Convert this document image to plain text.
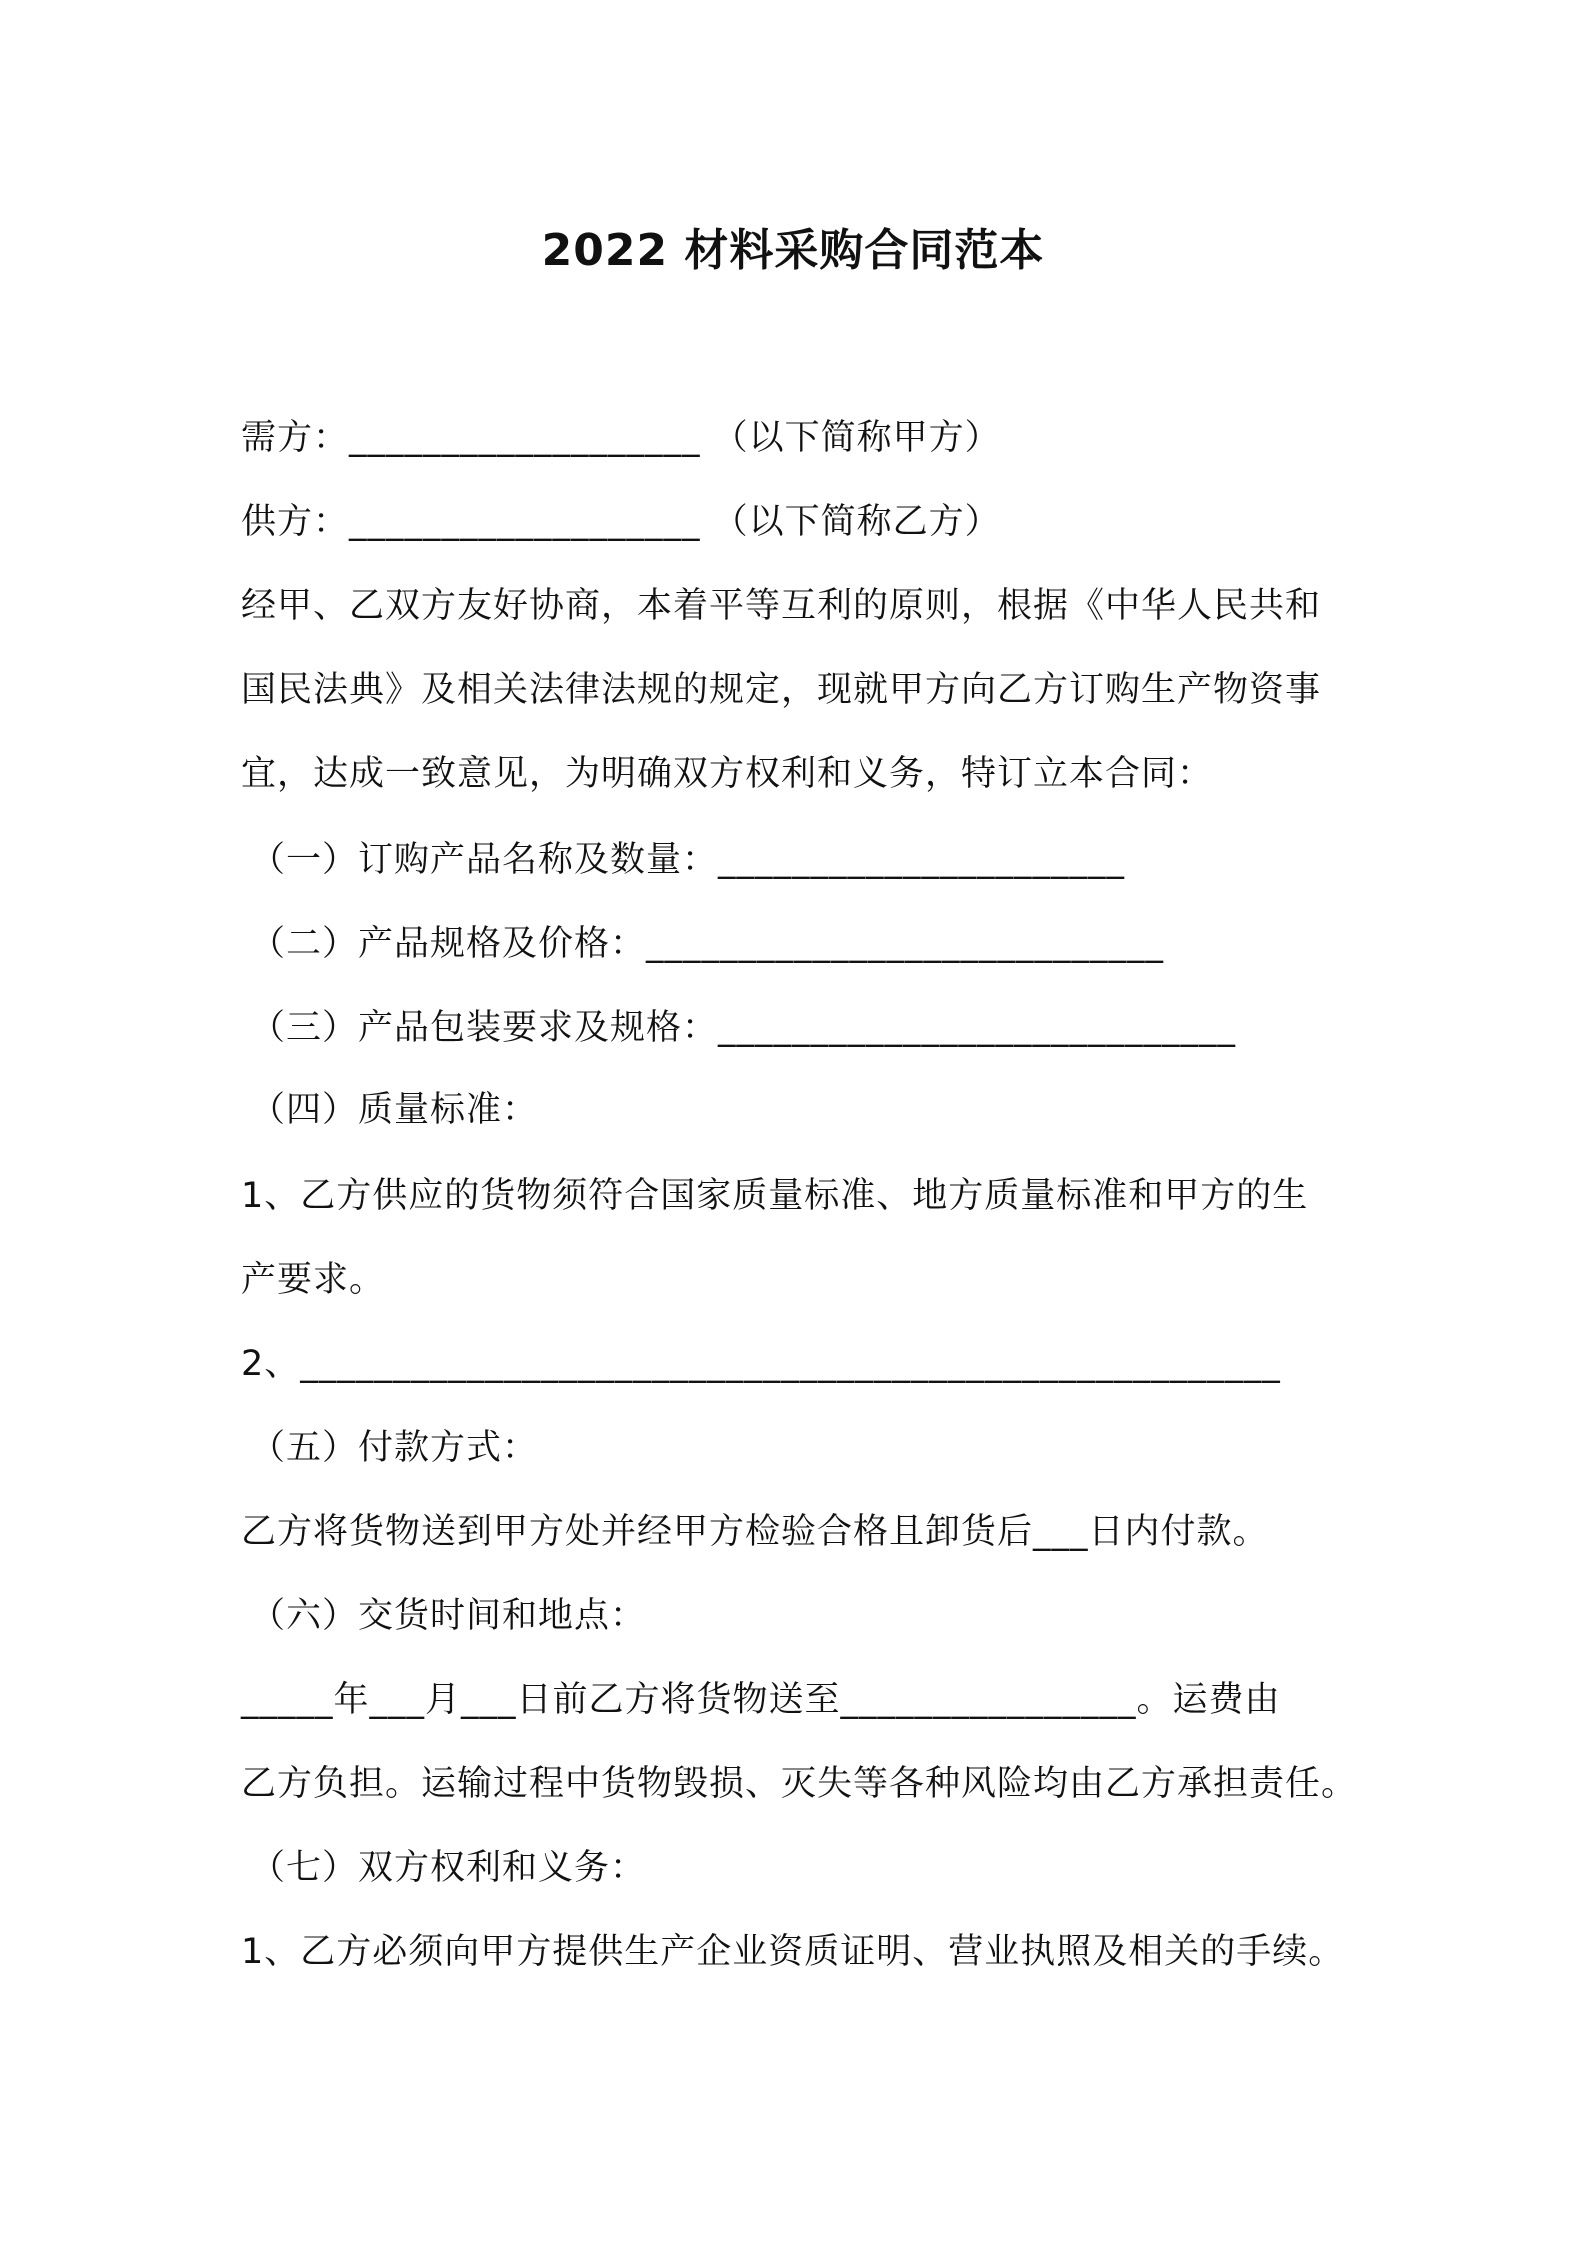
2022 材料采购合同范本
需方：___________________ （以下简称甲方）
供方：___________________ （以下简称乙方）
经甲、乙双方友好协商，本着平等互利的原则，根据《中华人民共和
国民法典》及相关法律法规的规定，现就甲方向乙方订购生产物资事
宜，达成一致意见，为明确双方权利和义务，特订立本合同：
（一）订购产品名称及数量：______________________
（二）产品规格及价格：____________________________
（三）产品包装要求及规格：____________________________
（四）质量标准：
1、乙方供应的货物须符合国家质量标准、地方质量标准和甲方的生
产要求。
2、_____________________________________________________
（五）付款方式：
乙方将货物送到甲方处并经甲方检验合格且卸货后___日内付款。
（六）交货时间和地点：
_____年___月___日前乙方将货物送至________________。运费由
乙方负担。运输过程中货物毁损、灭失等各种风险均由乙方承担责任。
（七）双方权利和义务：
1、乙方必须向甲方提供生产企业资质证明、营业执照及相关的手续。
